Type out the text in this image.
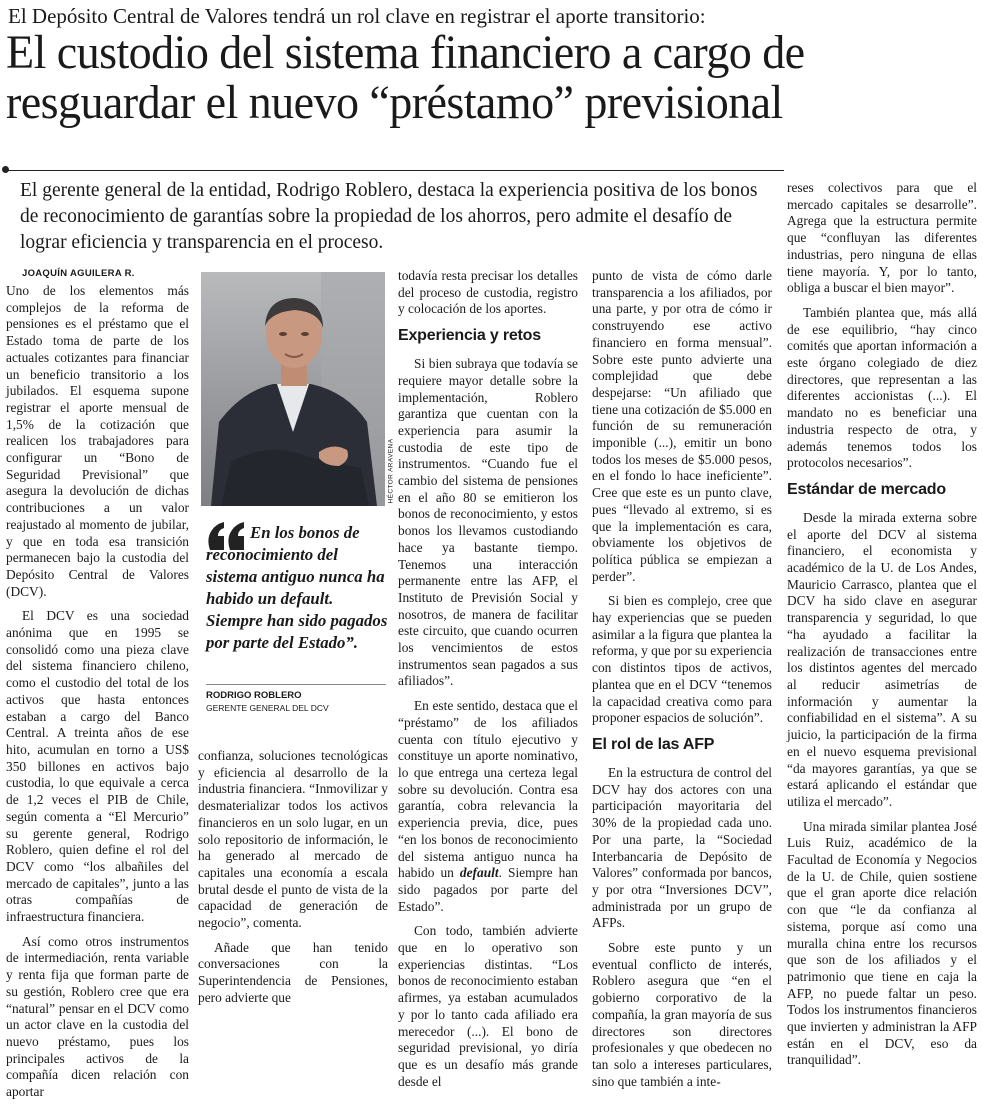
El Depósito Central de Valores tendrá un rol clave en registrar el aporte transitorio:
El custodio del sistema financiero a cargo de resguardar el nuevo “préstamo” previsional
El gerente general de la entidad, Rodrigo Roblero, destaca la experiencia positiva de los bonos de reconocimiento de garantías sobre la propiedad de los ahorros, pero admite el desafío de lograr eficiencia y transparencia en el proceso.
JOAQUÍN AGUILERA R.

Uno de los elementos más complejos de la reforma de pensiones es el préstamo que el Estado toma de parte de los actuales cotizantes para financiar un beneficio transitorio a los jubilados. El esquema supone registrar el aporte mensual de 1,5% de la cotización que realicen los trabajadores para configurar un “Bono de Seguridad Previsional” que asegura la devolución de dichas contribuciones a un valor reajustado al momento de jubilar, y que en toda esa transición permanecen bajo la custodia del Depósito Central de Valores (DCV).

El DCV es una sociedad anónima que en 1995 se consolidó como una pieza clave del sistema financiero chileno, como el custodio del total de los activos que hasta entonces estaban a cargo del Banco Central. A treinta años de ese hito, acumulan en torno a US$ 350 billones en activos bajo custodia, lo que equivale a cerca de 1,2 veces el PIB de Chile, según comenta a “El Mercurio” su gerente general, Rodrigo Roblero, quien define el rol del DCV como “los albañiles del mercado de capitales”, junto a las otras compañías de infraestructura financiera.

Así como otros instrumentos de intermediación, renta variable y renta fija que forman parte de su gestión, Roblero cree que era “natural” pensar en el DCV como un actor clave en la custodia del nuevo préstamo, pues los principales activos de la compañía dicen relación con aportar

HÉCTOR ARAVENA
En los bonos de reconocimiento del sistema antiguo nunca ha habido un default. Siempre han sido pagados por parte del Estado”.
RODRIGO ROBLERO
GERENTE GENERAL DEL DCV

confianza, soluciones tecnológicas y eficiencia al desarrollo de la industria financiera. “Inmovilizar y desmaterializar todos los activos financieros en un solo lugar, en un solo repositorio de información, le ha generado al mercado de capitales una economía a escala brutal desde el punto de vista de la capacidad de generación de negocio”, comenta.

Añade que han tenido conversaciones con la Superintendencia de Pensiones, pero advierte que

todavía resta precisar los detalles del proceso de custodia, registro y colocación de los aportes.

Experiencia y retos

Si bien subraya que todavía se requiere mayor detalle sobre la implementación, Roblero garantiza que cuentan con la experiencia para asumir la custodia de este tipo de instrumentos. “Cuando fue el cambio del sistema de pensiones en el año 80 se emitieron los bonos de reconocimiento, y estos bonos los llevamos custodiando hace ya bastante tiempo. Tenemos una interacción permanente entre las AFP, el Instituto de Previsión Social y nosotros, de manera de facilitar este circuito, que cuando ocurren los vencimientos de estos instrumentos sean pagados a sus afiliados”.

En este sentido, destaca que el “préstamo” de los afiliados cuenta con título ejecutivo y constituye un aporte nominativo, lo que entrega una certeza legal sobre su devolución. Contra esa garantía, cobra relevancia la experiencia previa, dice, pues “en los bonos de reconocimiento del sistema antiguo nunca ha habido un default. Siempre han sido pagados por parte del Estado”.

Con todo, también advierte que en lo operativo son experiencias distintas. “Los bonos de reconocimiento estaban afirmes, ya estaban acumulados y por lo tanto cada afiliado era merecedor (...). El bono de seguridad previsional, yo diría que es un desafío más grande desde el

punto de vista de cómo darle transparencia a los afiliados, por una parte, y por otra de cómo ir construyendo ese activo financiero en forma mensual”. Sobre este punto advierte una complejidad que debe despejarse: “Un afiliado que tiene una cotización de $5.000 en función de su remuneración imponible (...), emitir un bono todos los meses de $5.000 pesos, en el fondo lo hace ineficiente”. Cree que este es un punto clave, pues “llevado al extremo, si es que la implementación es cara, obviamente los objetivos de política pública se empiezan a perder”.

Si bien es complejo, cree que hay experiencias que se pueden asimilar a la figura que plantea la reforma, y que por su experiencia con distintos tipos de activos, plantea que en el DCV “tenemos la capacidad creativa como para proponer espacios de solución”.

El rol de las AFP

En la estructura de control del DCV hay dos actores con una participación mayoritaria del 30% de la propiedad cada uno. Por una parte, la “Sociedad Interbancaria de Depósito de Valores” conformada por bancos, y por otra “Inversiones DCV”, administrada por un grupo de AFPs.

Sobre este punto y un eventual conflicto de interés, Roblero asegura que “en el gobierno corporativo de la compañía, la gran mayoría de sus directores son directores profesionales y que obedecen no tan solo a intereses particulares, sino que también a inte-

reses colectivos para que el mercado capitales se desarrolle”. Agrega que la estructura permite que “confluyan las diferentes industrias, pero ninguna de ellas tiene mayoría. Y, por lo tanto, obliga a buscar el bien mayor”.

También plantea que, más allá de ese equilibrio, “hay cinco comités que aportan información a este órgano colegiado de diez directores, que representan a las diferentes accionistas (...). El mandato no es beneficiar una industria respecto de otra, y además tenemos todos los protocolos necesarios”.

Estándar de mercado

Desde la mirada externa sobre el aporte del DCV al sistema financiero, el economista y académico de la U. de Los Andes, Mauricio Carrasco, plantea que el DCV ha sido clave en asegurar transparencia y seguridad, lo que “ha ayudado a facilitar la realización de transacciones entre los distintos agentes del mercado al reducir asimetrías de información y aumentar la confiabilidad en el sistema”. A su juicio, la participación de la firma en el nuevo esquema previsional “da mayores garantías, ya que se estará aplicando el estándar que utiliza el mercado”.

Una mirada similar plantea José Luis Ruiz, académico de la Facultad de Economía y Negocios de la U. de Chile, quien sostiene que el gran aporte dice relación con que “le da confianza al sistema, porque así como una muralla china entre los recursos que son de los afiliados y el patrimonio que tiene en caja la AFP, no puede faltar un peso. Todos los instrumentos financieros que invierten y administran la AFP están en el DCV, eso da tranquilidad”.
